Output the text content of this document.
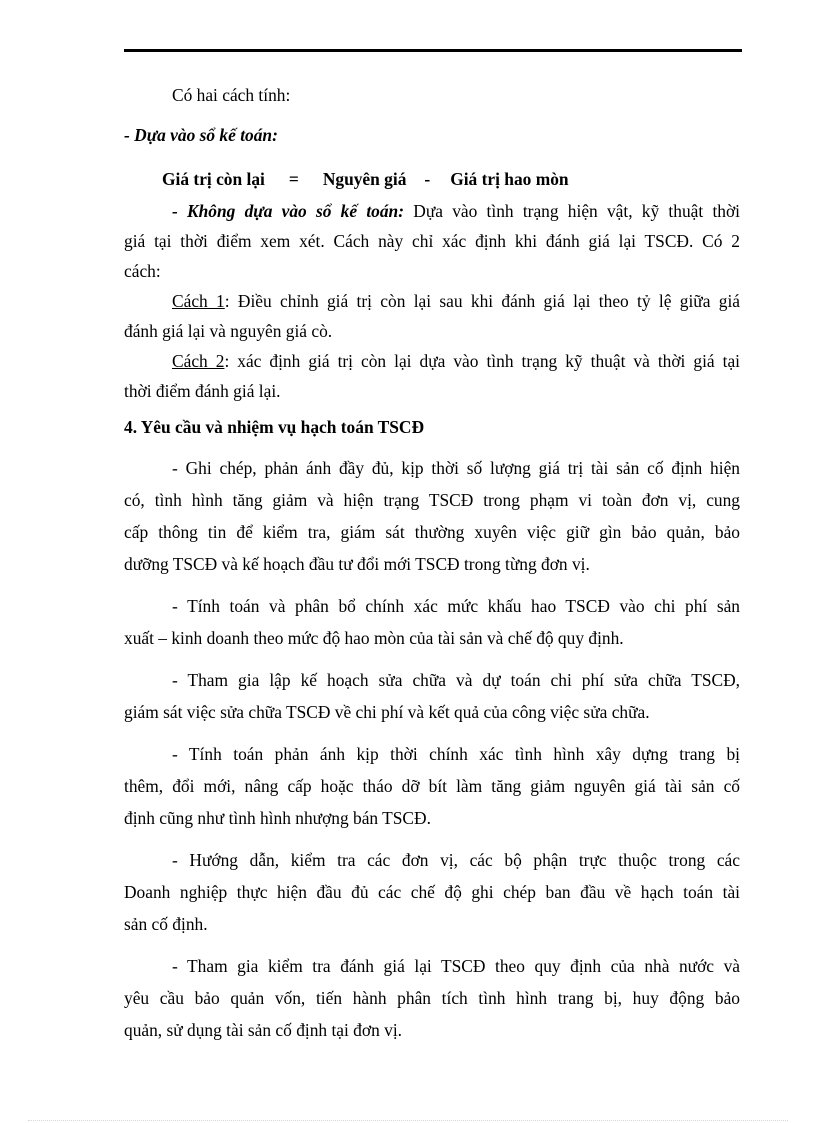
Có hai cách tính:

- Dựa vào sổ kế toán:

Giá trị còn lại = Nguyên giá - Giá trị hao mòn

- Không dựa vào sổ kế toán: Dựa vào tình trạng hiện vật, kỹ thuật thời

giá tại thời điểm xem xét. Cách này chỉ xác định khi đánh giá lại TSCĐ. Có 2

cách:

Cách 1: Điều chỉnh giá trị còn lại sau khi đánh giá lại theo tỷ lệ giữa giá

đánh giá lại và nguyên giá cò.

Cách 2: xác định giá trị còn lại dựa vào tình trạng kỹ thuật và thời giá tại

thời điểm đánh giá lại.

4. Yêu cầu và nhiệm vụ hạch toán TSCĐ

- Ghi chép, phản ánh đầy đủ, kịp thời số lượng giá trị tài sản cố định hiện

có, tình hình tăng giảm và hiện trạng TSCĐ trong phạm vi toàn đơn vị, cung

cấp thông tin để kiểm tra, giám sát thường xuyên việc giữ gìn bảo quản, bảo

dưỡng TSCĐ và kế hoạch đầu tư đổi mới TSCĐ trong từng đơn vị.

- Tính toán và phân bổ chính xác mức khấu hao TSCĐ vào chi phí sản

xuất – kinh doanh theo mức độ hao mòn của tài sản và chế độ quy định.

- Tham gia lập kế hoạch sửa chữa và dự toán chi phí sửa chữa TSCĐ,

giám sát việc sửa chữa TSCĐ về chi phí và kết quả của công việc sửa chữa.

- Tính toán phản ánh kịp thời chính xác tình hình xây dựng trang bị

thêm, đổi mới, nâng cấp hoặc tháo dỡ bít làm tăng giảm nguyên giá tài sản cố

định cũng như tình hình nhượng bán TSCĐ.

- Hướng dẫn, kiểm tra các đơn vị, các bộ phận trực thuộc trong các

Doanh nghiệp thực hiện đầu đủ các chế độ ghi chép ban đầu về hạch toán tài

sản cố định.

- Tham gia kiểm tra đánh giá lại TSCĐ theo quy định của nhà nước và

yêu cầu bảo quản vốn, tiến hành phân tích tình hình trang bị, huy động bảo

quản, sử dụng tài sản cố định tại đơn vị.
